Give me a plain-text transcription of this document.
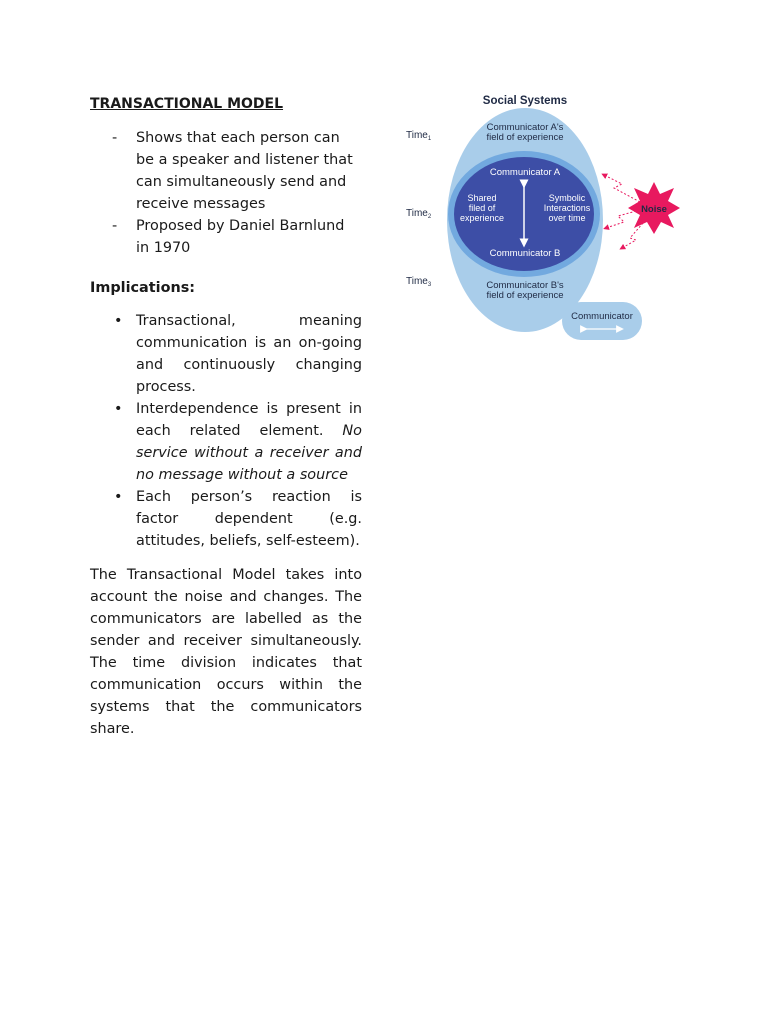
TRANSACTIONAL MODEL
- Shows that each person can be a speaker and listener that can simultaneously send and receive messages
- Proposed by Daniel Barnlund in 1970
Implications:
• Transactional, meaning communication is an on-going and continuously changing process.
• Interdependence is present in each related element. No service without a receiver and no message without a source
• Each person’s reaction is factor dependent (e.g. attitudes, beliefs, self-esteem).
The Transactional Model takes into account the noise and changes. The communicators are labelled as the sender and receiver simultaneously. The time division indicates that communication occurs within the systems that the communicators share.
Social Systems
Time$_1$
Time$_2$
Time$_3$
Communicator A's
field of experience
Communicator A
Shared
filed of
experience
Symbolic
Interactions
over time
Communicator B
Communicator B's
field of experience
Noise
Communicator
